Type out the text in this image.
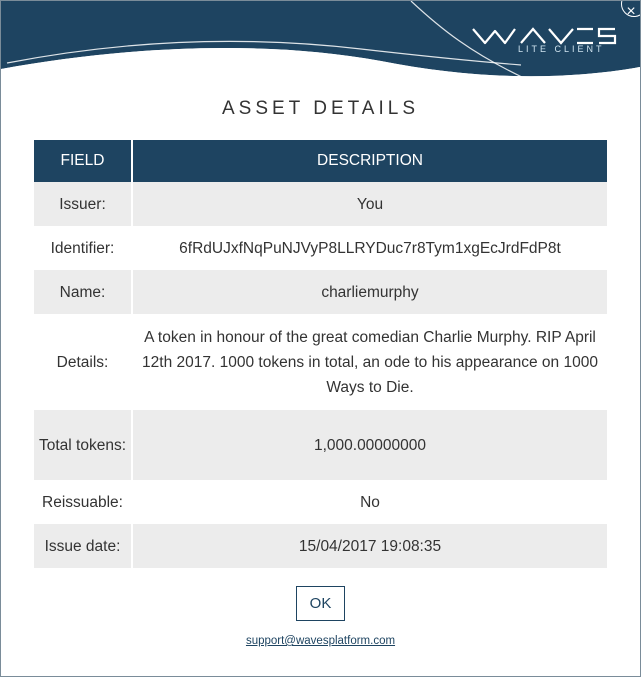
LITE CLIENT
×
ASSET DETAILS
FIELD	DESCRIPTION
Issuer:	You
Identifier:	6fRdUJxfNqPuNJVyP8LLRYDuc7r8Tym1xgEcJrdFdP8t
Name:	charliemurphy
Details:	A token in honour of the great comedian Charlie Murphy. RIP April 12th 2017. 1000 tokens in total, an ode to his appearance on 1000 Ways to Die.
Total tokens:	1,000.00000000
Reissuable:	No
Issue date:	15/04/2017 19:08:35
OK
support@wavesplatform.com
